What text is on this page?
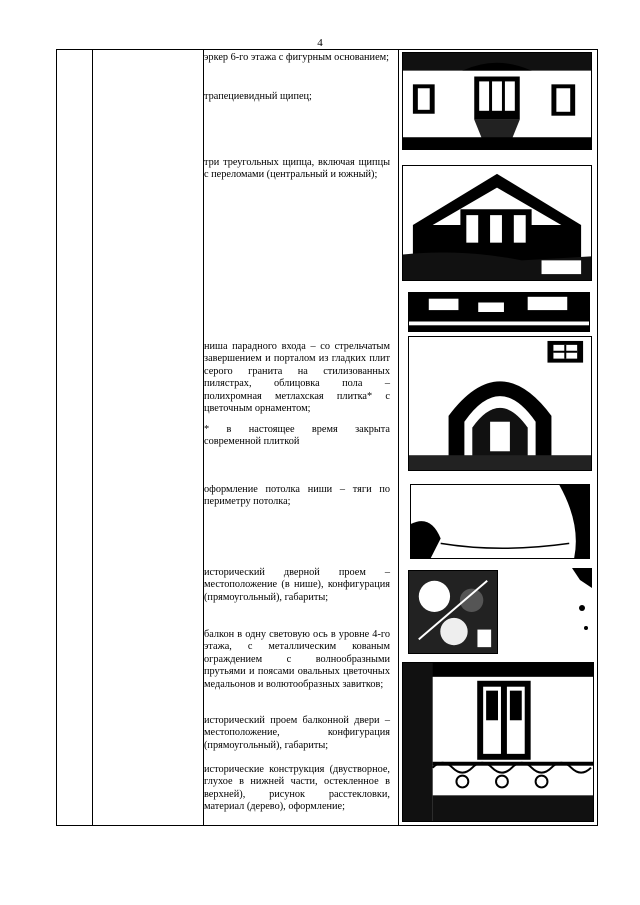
4
эркер 6-го этажа с фигурным основанием;
трапециевидный щипец;
три треугольных щипца, включая щипцы с переломами (центральный и южный);
ниша парадного входа – со стрельчатым завершением и порталом из гладких плит серого гранита на стилизованных пилястрах, облицовка пола – полихромная метлахская плитка* с цветочным орнаментом;
* в настоящее время закрыта современной плиткой
оформление потолка ниши – тяги по периметру потолка;
исторический дверной проем – местоположение (в нише), конфигурация (прямоугольный), габариты;
балкон в одну световую ось в уровне 4-го этажа, с металлическим кованым ограждением с волнообразными прутьями и поясами овальных цветочных медальонов и волютообразных завитков;
исторический проем балконной двери – местоположение, конфигурация (прямоугольный), габариты;
исторические конструкция (двустворное, глухое в нижней части, остекленное в верхней), рисунок расстекловки, материал (дерево), оформление;
